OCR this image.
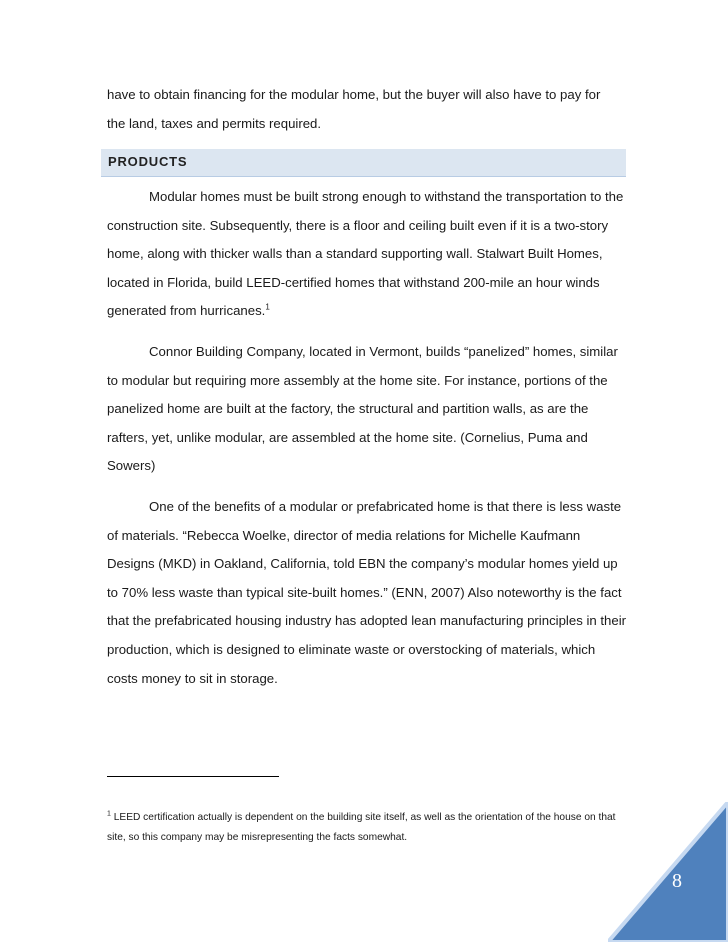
have to obtain financing for the modular home, but the buyer will also have to pay for

the land, taxes and permits required.

PRODUCTS

Modular homes must be built strong enough to withstand the transportation to the construction site. Subsequently, there is a floor and ceiling built even if it is a two-story home, along with thicker walls than a standard supporting wall. Stalwart Built Homes, located in Florida, build LEED-certified homes that withstand 200-mile an hour winds generated from hurricanes.$^1$

Connor Building Company, located in Vermont, builds “panelized” homes, similar to modular but requiring more assembly at the home site. For instance, portions of the panelized home are built at the factory, the structural and partition walls, as are the rafters, yet, unlike modular, are assembled at the home site. (Cornelius, Puma and Sowers)

One of the benefits of a modular or prefabricated home is that there is less waste of materials. “Rebecca Woelke, director of media relations for Michelle Kaufmann Designs (MKD) in Oakland, California, told EBN the company’s modular homes yield up to 70% less waste than typical site-built homes.” (ENN, 2007) Also noteworthy is the fact that the prefabricated housing industry has adopted lean manufacturing principles in their production, which is designed to eliminate waste or overstocking of materials, which costs money to sit in storage.

$^1$ LEED certification actually is dependent on the building site itself, as well as the orientation of the house on that site, so this company may be misrepresenting the facts somewhat.
8
